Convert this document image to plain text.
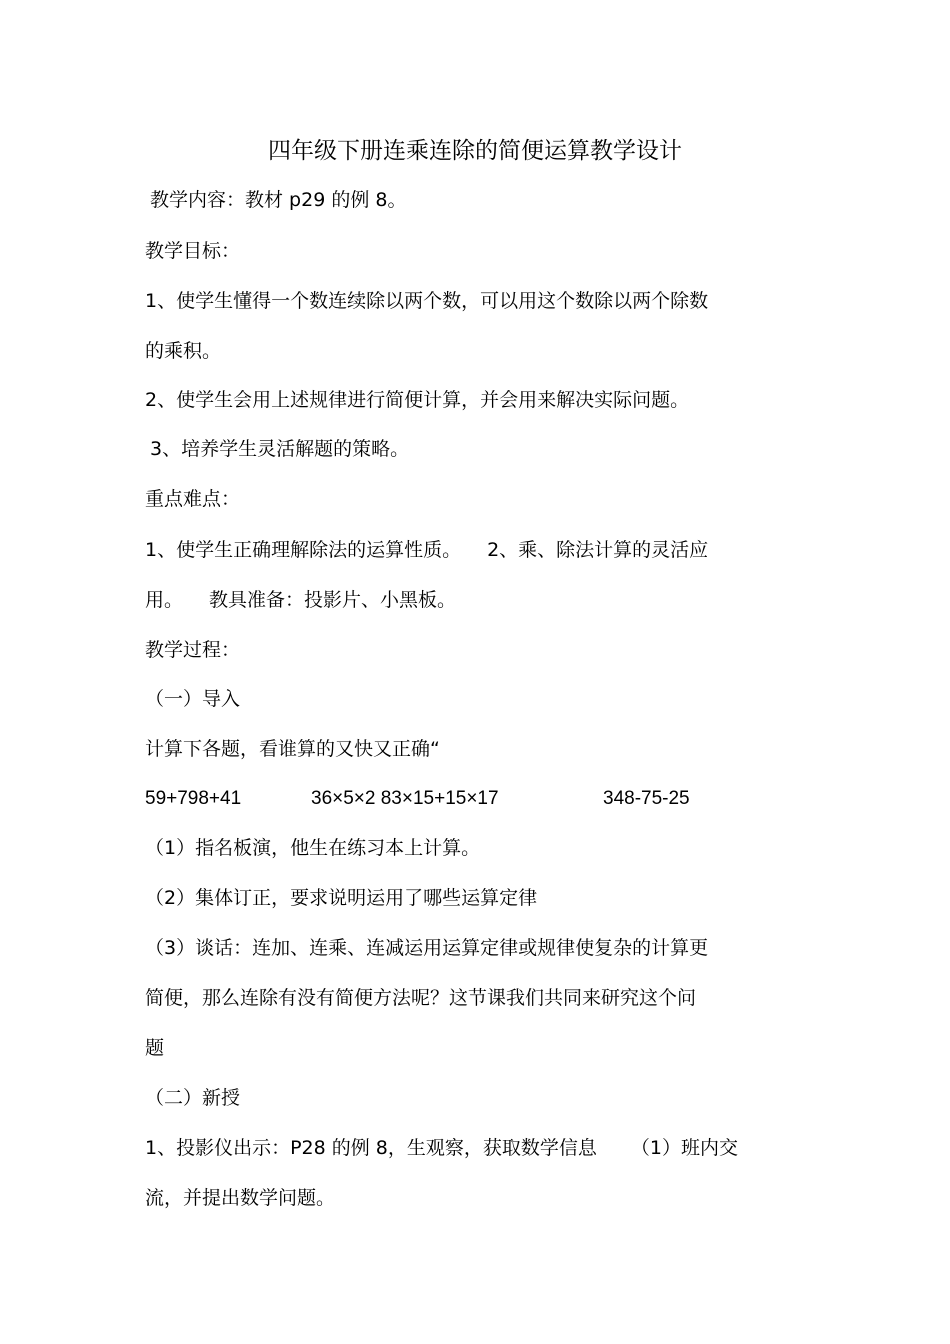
四年级下册连乘连除的简便运算教学设计
教学内容：教材 p29 的例 8。
教学目标：
1、使学生懂得一个数连续除以两个数，可以用这个数除以两个除数
的乘积。
2、使学生会用上述规律进行简便计算，并会用来解决实际问题。
3、培养学生灵活解题的策略。
重点难点：
1、使学生正确理解除法的运算性质。 2、乘、除法计算的灵活应
用。 教具准备：投影片、小黑板。
教学过程：
（一）导入
计算下各题，看谁算的又快又正确“
59+798+41	36×5×2 83×15+15×17	348-75-25
（1）指名板演，他生在练习本上计算。
（2）集体订正，要求说明运用了哪些运算定律
（3）谈话：连加、连乘、连减运用运算定律或规律使复杂的计算更
简便，那么连除有没有简便方法呢？这节课我们共同来研究这个问
题
（二）新授
1、投影仪出示：P28 的例 8，生观察，获取数学信息 （1）班内交
流，并提出数学问题。
